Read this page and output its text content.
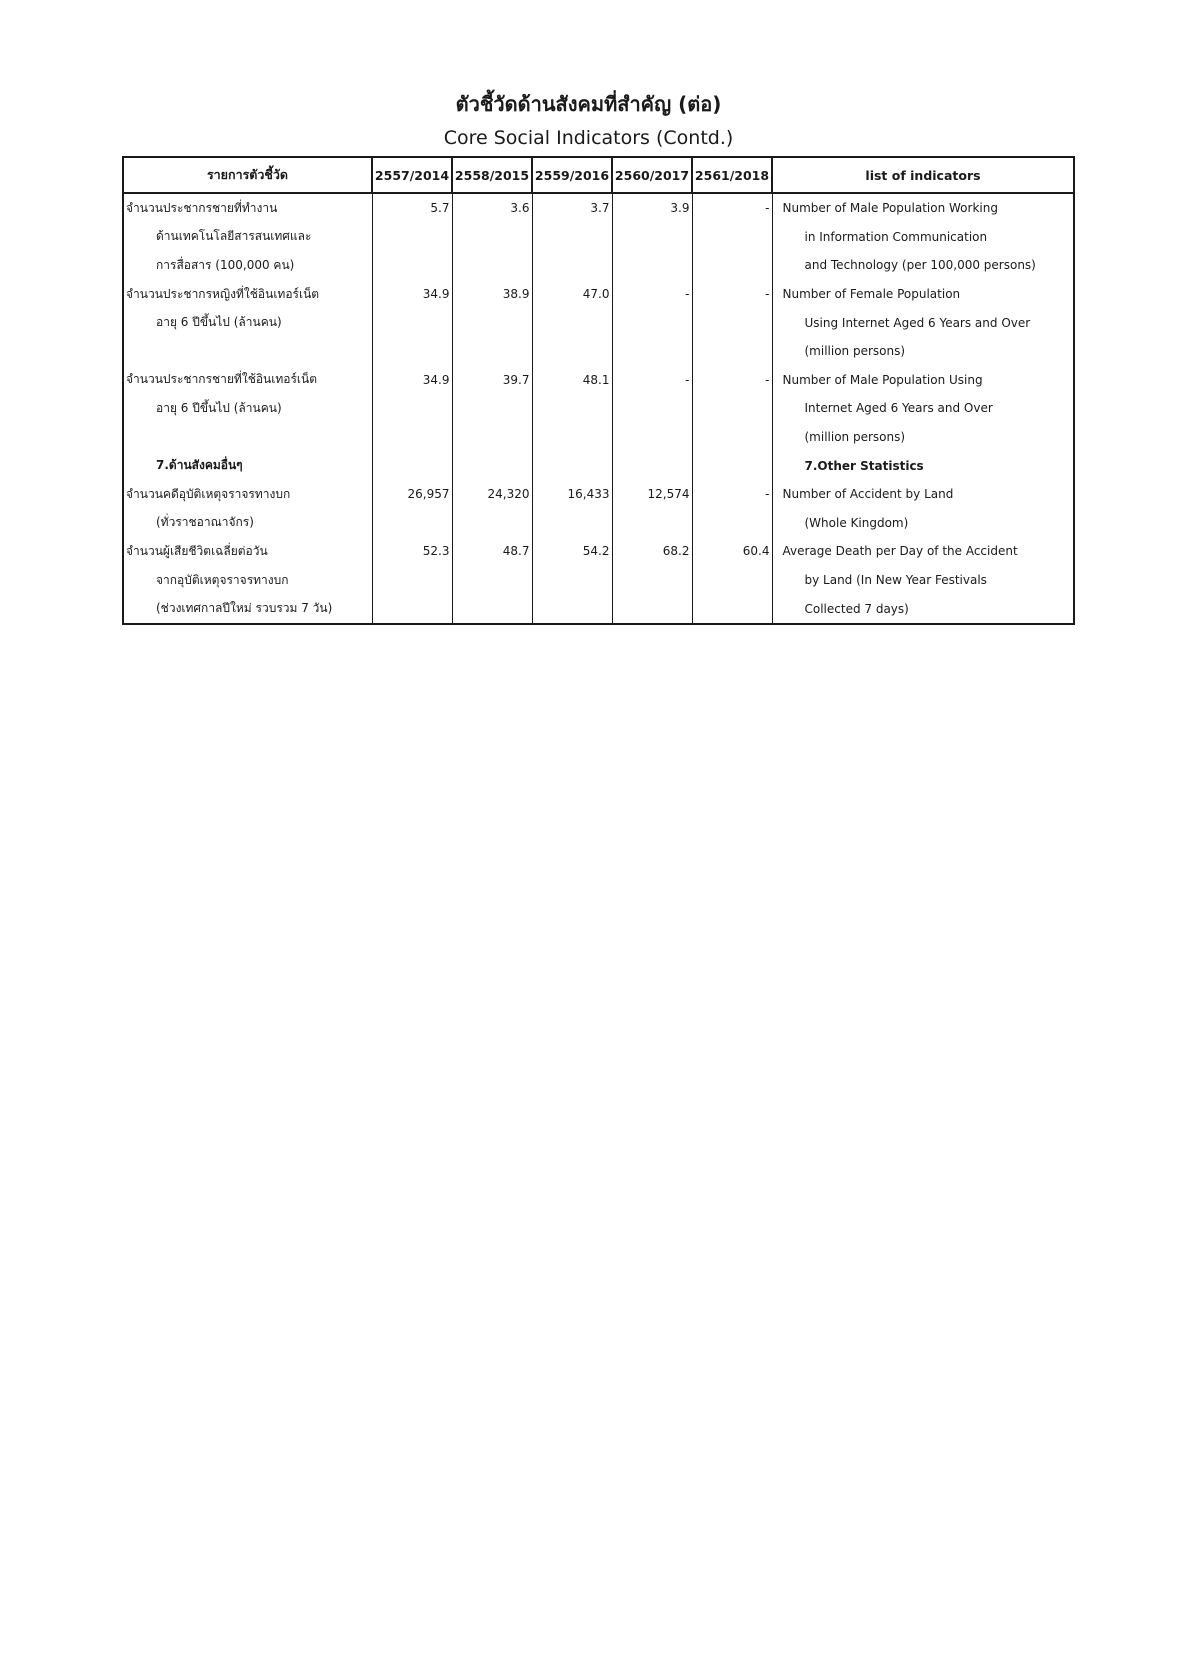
ตัวชี้วัดด้านสังคมที่สำคัญ (ต่อ)
Core Social Indicators (Contd.)
รายการตัวชี้วัด	2557/2014	2558/2015	2559/2016	2560/2017	2561/2018	list of indicators
จำนวนประชากรชายที่ทำงาน	5.7	3.6	3.7	3.9	-	Number of Male Population Working
ด้านเทคโนโลยีสารสนเทศและ						in Information Communication
การสื่อสาร (100,000 คน)						and Technology (per 100,000 persons)
จำนวนประชากรหญิงที่ใช้อินเทอร์เน็ต	34.9	38.9	47.0	-	-	Number of Female Population
อายุ 6 ปีขึ้นไป (ล้านคน)						Using Internet Aged 6 Years and Over
						(million persons)
จำนวนประชากรชายที่ใช้อินเทอร์เน็ต	34.9	39.7	48.1	-	-	Number of Male Population Using
อายุ 6 ปีขึ้นไป (ล้านคน)						Internet Aged 6 Years and Over
						(million persons)
7.ด้านสังคมอื่นๆ						7.Other Statistics
จำนวนคดีอุบัติเหตุจราจรทางบก	26,957	24,320	16,433	12,574	-	Number of Accident by Land
(ทั่วราชอาณาจักร)						(Whole Kingdom)
จำนวนผู้เสียชีวิตเฉลี่ยต่อวัน	52.3	48.7	54.2	68.2	60.4	Average Death per Day of the Accident
จากอุบัติเหตุจราจรทางบก						by Land (In New Year Festivals
(ช่วงเทศกาลปีใหม่ รวบรวม 7 วัน)						Collected 7 days)
